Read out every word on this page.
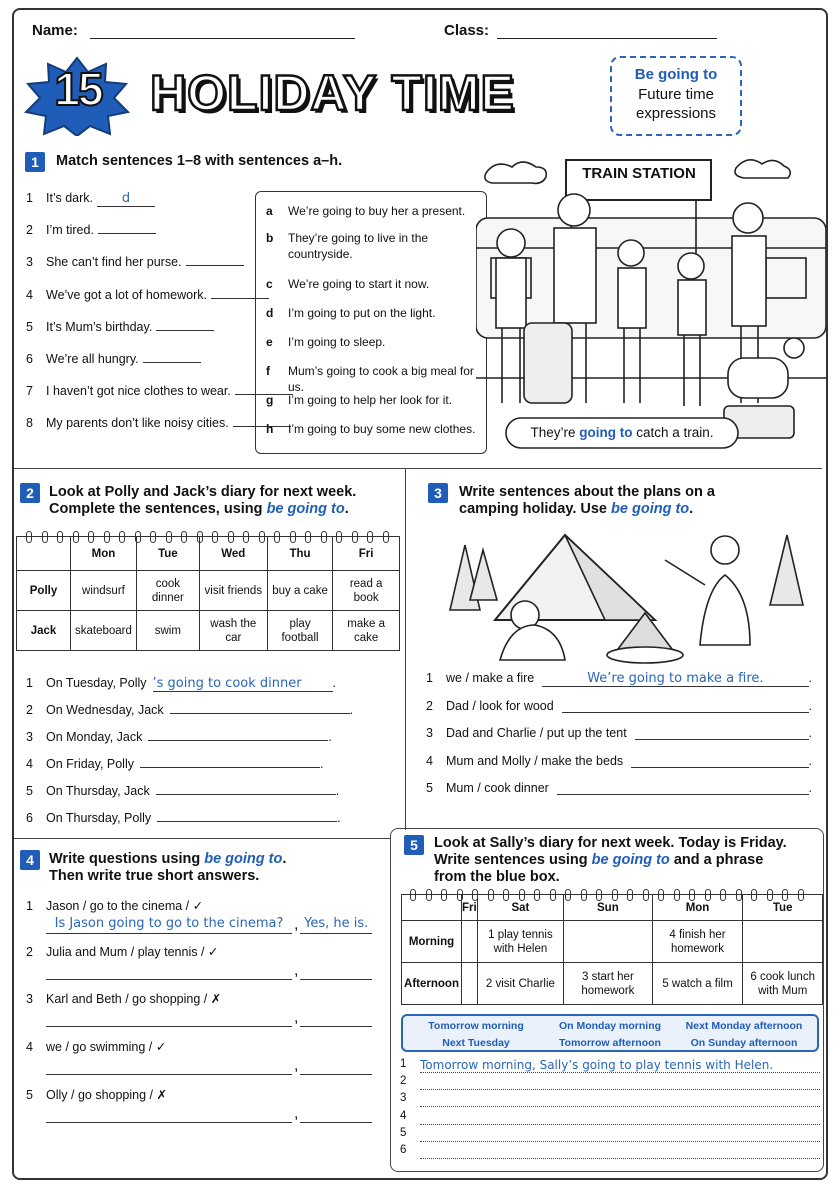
Name:	Class:
15 HOLIDAY TIME	Be going to
Future time
expressions
1	Match sentences 1–8 with sentences a–h.
1 It’s dark. d
2 I’m tired.
3 She can’t find her purse.
4 We’ve got a lot of homework.
5 It’s Mum’s birthday.
6 We’re all hungry.
7 I haven’t got nice clothes to wear.
8 My parents don’t like noisy cities.
a	We’re going to buy her a present.
b	They’re going to live in the countryside.
c	We’re going to start it now.
d	I’m going to put on the light.
e	I’m going to sleep.
f	Mum’s going to cook a big meal for us.
g	I’m going to help her look for it.
h	I’m going to buy some new clothes.
TRAIN STATION
They’re going to catch a train.
2	Look at Polly and Jack’s diary for next week.
Complete the sentences, using be going to.
	Mon	Tue	Wed	Thu	Fri
Polly	windsurf	cook dinner	visit friends	buy a cake	read a book
Jack	skateboard	swim	wash the car	play football	make a cake
1 On Tuesday, Polly ’s going to cook dinner .
2 On Wednesday, Jack	.
3 On Monday, Jack	.
4 On Friday, Polly	.
5 On Thursday, Jack	.
6 On Thursday, Polly	.
3	Write sentences about the plans on a
camping holiday. Use be going to.
1	we / make a fire	We’re going to make a fire.	.
2	Dad / look for wood	.
3	Dad and Charlie / put up the tent	.
4	Mum and Molly / make the beds	.
5	Mum / cook dinner	.
4	Write questions using be going to.
Then write true short answers.
1 Jason / go to the cinema / ✓
Is Jason going to go to the cinema? , Yes, he is.
2 Julia and Mum / play tennis / ✓
,
3 Karl and Beth / go shopping / ✗
,
4 we / go swimming / ✓
,
5 Olly / go shopping / ✗
,
5	Look at Sally’s diary for next week. Today is Friday.
Write sentences using be going to and a phrase
from the blue box.
	Fri	Sat	Sun	Mon	Tue
Morning		1 play tennis with Helen		4 finish her homework	
Afternoon		2 visit Charlie	3 start her homework	5 watch a film	6 cook lunch with Mum
Tomorrow morning	On Monday morning	Next Monday afternoon
Next Tuesday	Tomorrow afternoon	On Sunday afternoon
1	Tomorrow morning, Sally’s going to play tennis with Helen.
2
3
4
5
6
